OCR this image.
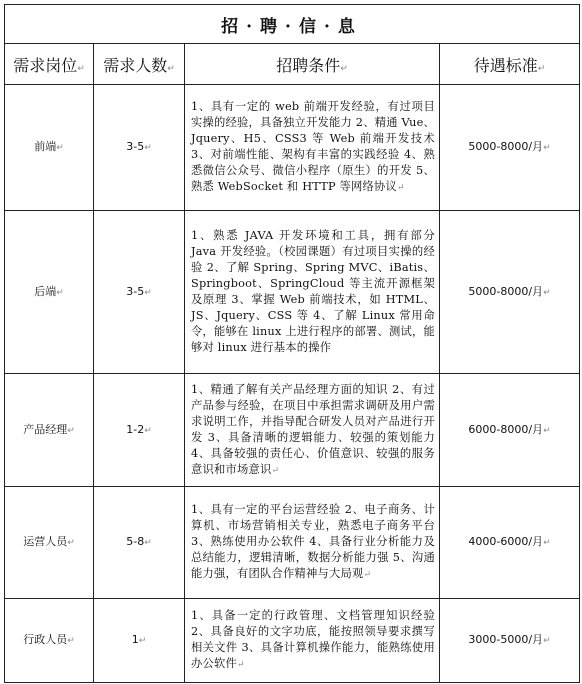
招·聘·信·息			
需求岗位↵	需求人数↵	招聘条件↵	待遇标准↵
前端↵	3-5↵	1、具有一定的 web 前端开发经验，有过项目实操的经验，具备独立开发能力 2、精通 Vue、Jquery、H5、CSS3 等 Web 前端开发技术 3、对前端性能、架构有丰富的实践经验 4、熟悉微信公众号、微信小程序（原生）的开发 5、熟悉 WebSocket 和 HTTP 等网络协议↵	5000-8000/月↵
后端↵	3-5↵	1、熟悉 JAVA 开发环境和工具，拥有部分 Java 开发经验。（校园课题）有过项目实操的经验 2、了解 Spring、Spring MVC、iBatis、Springboot、SpringCloud 等主流开源框架及原理 3、掌握 Web 前端技术，如 HTML、JS、Jquery、CSS 等 4、了解 Linux 常用命令，能够在 linux 上进行程序的部署、测试，能够对 linux 进行基本的操作	5000-8000/月↵
产品经理↵	1-2↵	1、精通了解有关产品经理方面的知识 2、有过产品参与经验，在项目中承担需求调研及用户需求说明工作，并指导配合研发人员对产品进行开发 3、具备清晰的逻辑能力、较强的策划能力 4、具备较强的责任心、价值意识、较强的服务意识和市场意识↵	6000-8000/月↵
运营人员↵	5-8↵	1、具有一定的平台运营经验 2、电子商务、计算机、市场营销相关专业，熟悉电子商务平台 3、熟练使用办公软件 4、具备行业分析能力及总结能力，逻辑清晰，数据分析能力强 5、沟通能力强，有团队合作精神与大局观↵	4000-6000/月↵
行政人员↵	1↵	1、具备一定的行政管理、文档管理知识经验 2、具备良好的文字功底，能按照领导要求撰写相关文件 3、具备计算机操作能力，能熟练使用办公软件↵	3000-5000/月↵
